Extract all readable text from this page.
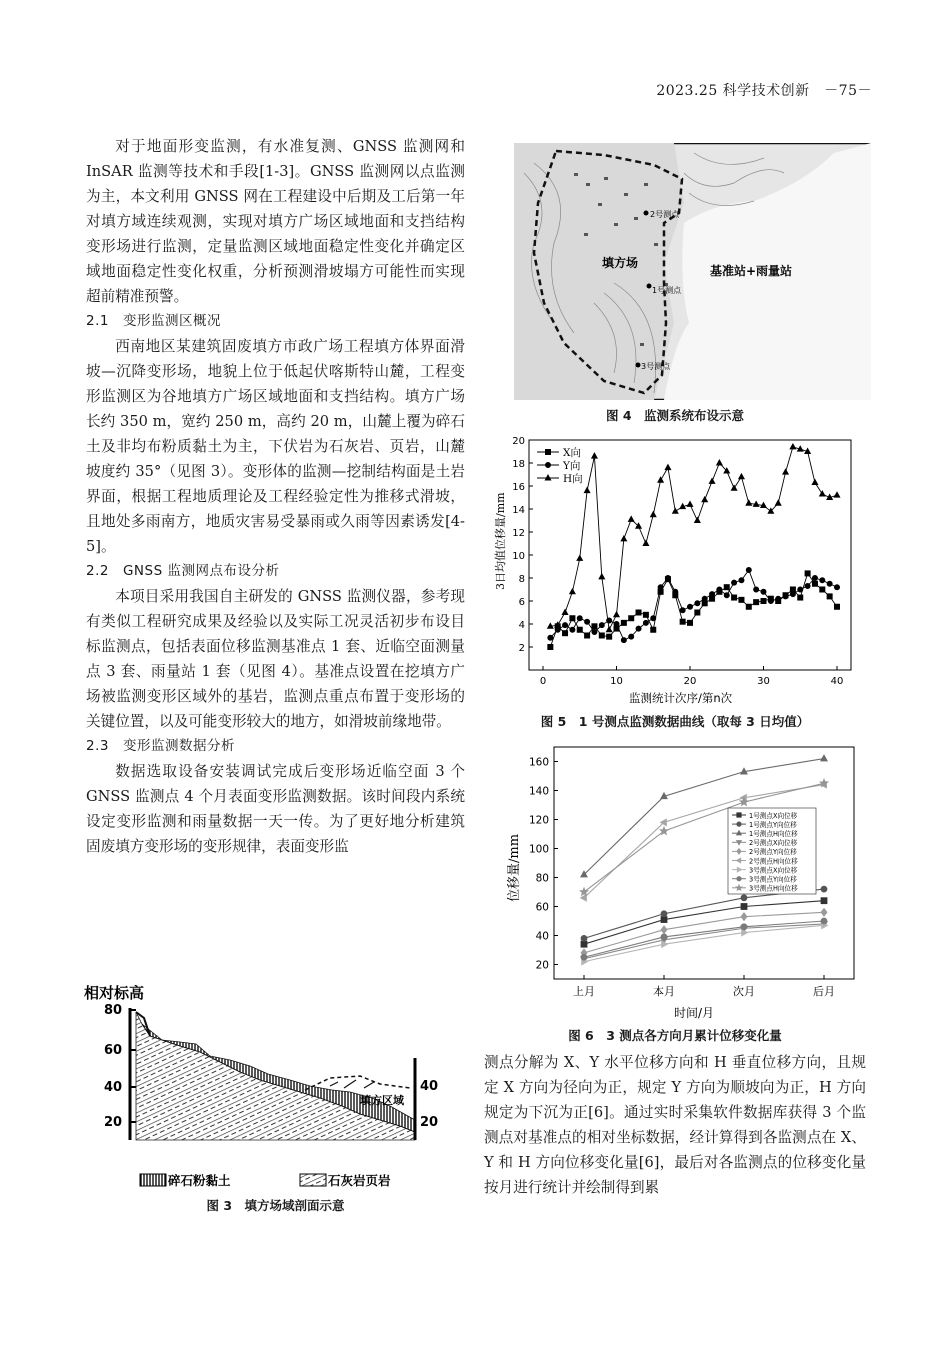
2023.25 科学技术创新　 －75－

对于地面形变监测，有水准复测、GNSS 监测网和 InSAR 监测等技术和手段[1-3]。GNSS 监测网以点监测为主，本文利用 GNSS 网在工程建设中后期及工后第一年对填方域连续观测，实现对填方广场区域地面和支挡结构变形场进行监测，定量监测区域地面稳定性变化并确定区域地面稳定性变化权重，分析预测滑坡塌方可能性而实现超前精准预警。

2.1　变形监测区概况

西南地区某建筑固废填方市政广场工程填方体界面滑坡—沉降变形场，地貌上位于低起伏喀斯特山麓，工程变形监测区为谷地填方广场区域地面和支挡结构。填方广场长约 350 m，宽约 250 m，高约 20 m，山麓上覆为碎石土及非均布粉质黏土为主，下伏岩为石灰岩、页岩，山麓坡度约 35°（见图 3）。变形体的监测—挖制结构面是土岩界面，根据工程地质理论及工程经验定性为推移式滑坡，且地处多雨南方，地质灾害易受暴雨或久雨等因素诱发[4-5]。

2.2　GNSS 监测网点布设分析

本项目采用我国自主研发的 GNSS 监测仪器，参考现有类似工程研究成果及经验以及实际工况灵活初步布设目标监测点，包括表面位移监测基准点 1 套、近临空面测量点 3 套、雨量站 1 套（见图 4）。基准点设置在挖填方广场被监测变形区域外的基岩，监测点重点布置于变形场的关键位置，以及可能变形较大的地方，如滑坡前缘地带。

2.3　变形监测数据分析

数据选取设备安装调试完成后变形场近临空面 3 个 GNSS 监测点 4 个月表面变形监测数据。该时间段内系统设定变形监测和雨量数据一天一传。为了更好地分析建筑固废填方变形场的变形规律，表面变形监

测点分解为 X、Y 水平位移方向和 H 垂直位移方向，且规定 X 方向为径向为正，规定 Y 方向为顺坡向为正，H 方向规定为下沉为正[6]。通过实时采集软件数据库获得 3 个监测点对基准点的相对坐标数据，经计算得到各监测点在 X、Y 和 H 方向位移变化量[6]，最后对各监测点的位移变化量按月进行统计并绘制得到累

相对标高
80
60
40
20
填方区域
40
20
碎石粉黏土	石灰岩页岩
图 3　填方场域剖面示意
填方场
基准站+雨量站
2号测点
1号测点
3号测点
图 4　监测系统布设示意
3日均值位移量/mm
监测统计次序/第n次
2
4
6
8
10
12
14
16
18
20
0	10	20	30	40
X向
Y向
H向
图 5　1 号测点监测数据曲线（取每 3 日均值）
位移量/mm
时间/月
20
40
60
80
100
120
140
160
上月	本月	次月	后月
1号测点X向位移
1号测点Y向位移
1号测点H向位移
2号测点X向位移
2号测点Y向位移
2号测点H向位移
3号测点X向位移
3号测点Y向位移
3号测点H向位移
图 6　3 测点各方向月累计位移变化量
